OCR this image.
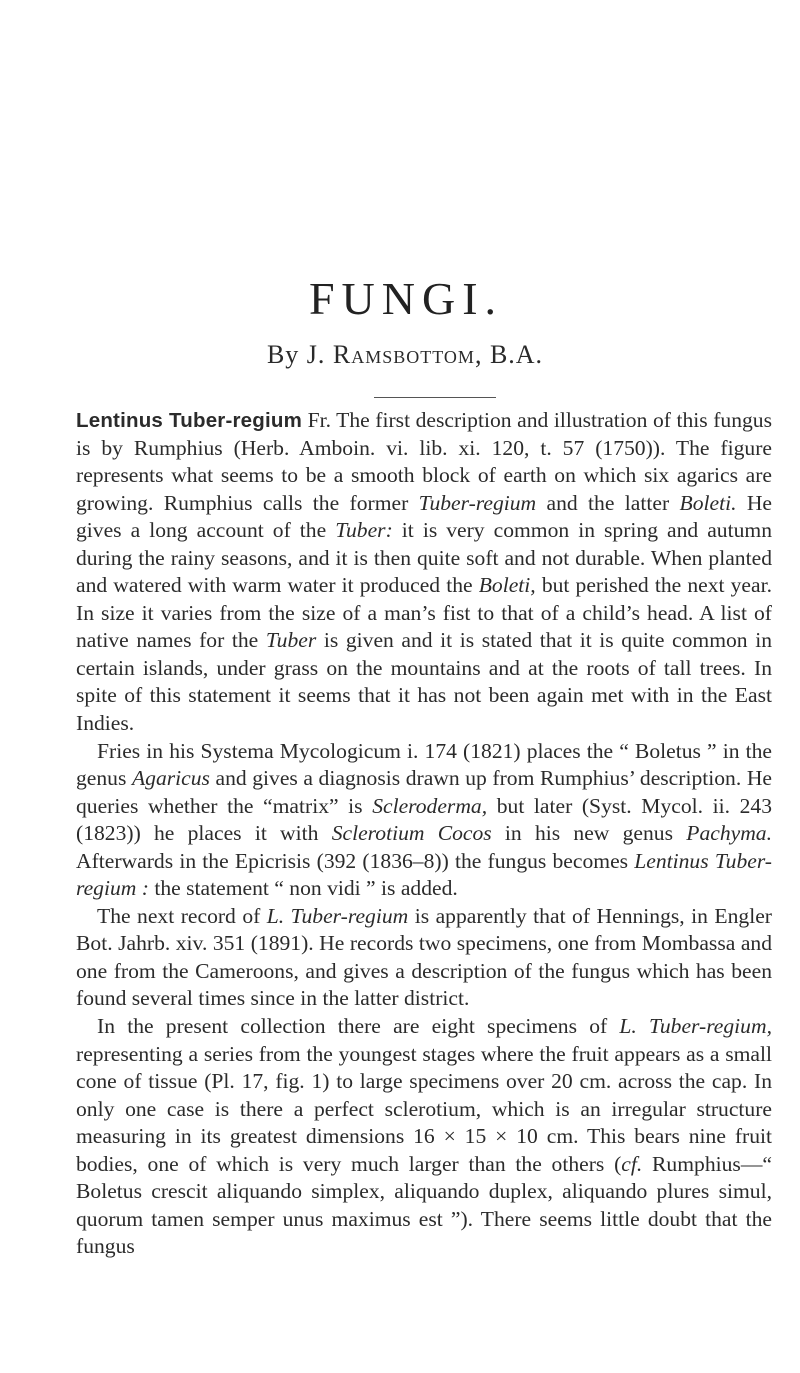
FUNGI.
By J. Ramsbottom, B.A.

Lentinus Tuber-regium Fr. The first description and illustration of this fungus is by Rumphius (Herb. Amboin. vi. lib. xi. 120, t. 57 (1750)). The figure represents what seems to be a smooth block of earth on which six agarics are growing. Rumphius calls the former Tuber-regium and the latter Boleti. He gives a long account of the Tuber: it is very common in spring and autumn during the rainy seasons, and it is then quite soft and not durable. When planted and watered with warm water it produced the Boleti, but perished the next year. In size it varies from the size of a man’s fist to that of a child’s head. A list of native names for the Tuber is given and it is stated that it is quite common in certain islands, under grass on the mountains and at the roots of tall trees. In spite of this statement it seems that it has not been again met with in the East Indies.

Fries in his Systema Mycologicum i. 174 (1821) places the “ Boletus ” in the genus Agaricus and gives a diagnosis drawn up from Rumphius’ description. He queries whether the “matrix” is Scleroderma, but later (Syst. Mycol. ii. 243 (1823)) he places it with Sclerotium Cocos in his new genus Pachyma. Afterwards in the Epicrisis (392 (1836–8)) the fungus becomes Lentinus Tuber-regium : the statement “ non vidi ” is added.

The next record of L. Tuber-regium is apparently that of Hennings, in Engler Bot. Jahrb. xiv. 351 (1891). He records two specimens, one from Mombassa and one from the Cameroons, and gives a description of the fungus which has been found several times since in the latter district.

In the present collection there are eight specimens of L. Tuber-regium, representing a series from the youngest stages where the fruit appears as a small cone of tissue (Pl. 17, fig. 1) to large specimens over 20 cm. across the cap. In only one case is there a perfect sclerotium, which is an irregular structure measuring in its greatest dimensions 16 × 15 × 10 cm. This bears nine fruit bodies, one of which is very much larger than the others (cf. Rumphius—“ Boletus crescit aliquando simplex, aliquando duplex, aliquando plures simul, quorum tamen semper unus maximus est ”). There seems little doubt that the fungus
